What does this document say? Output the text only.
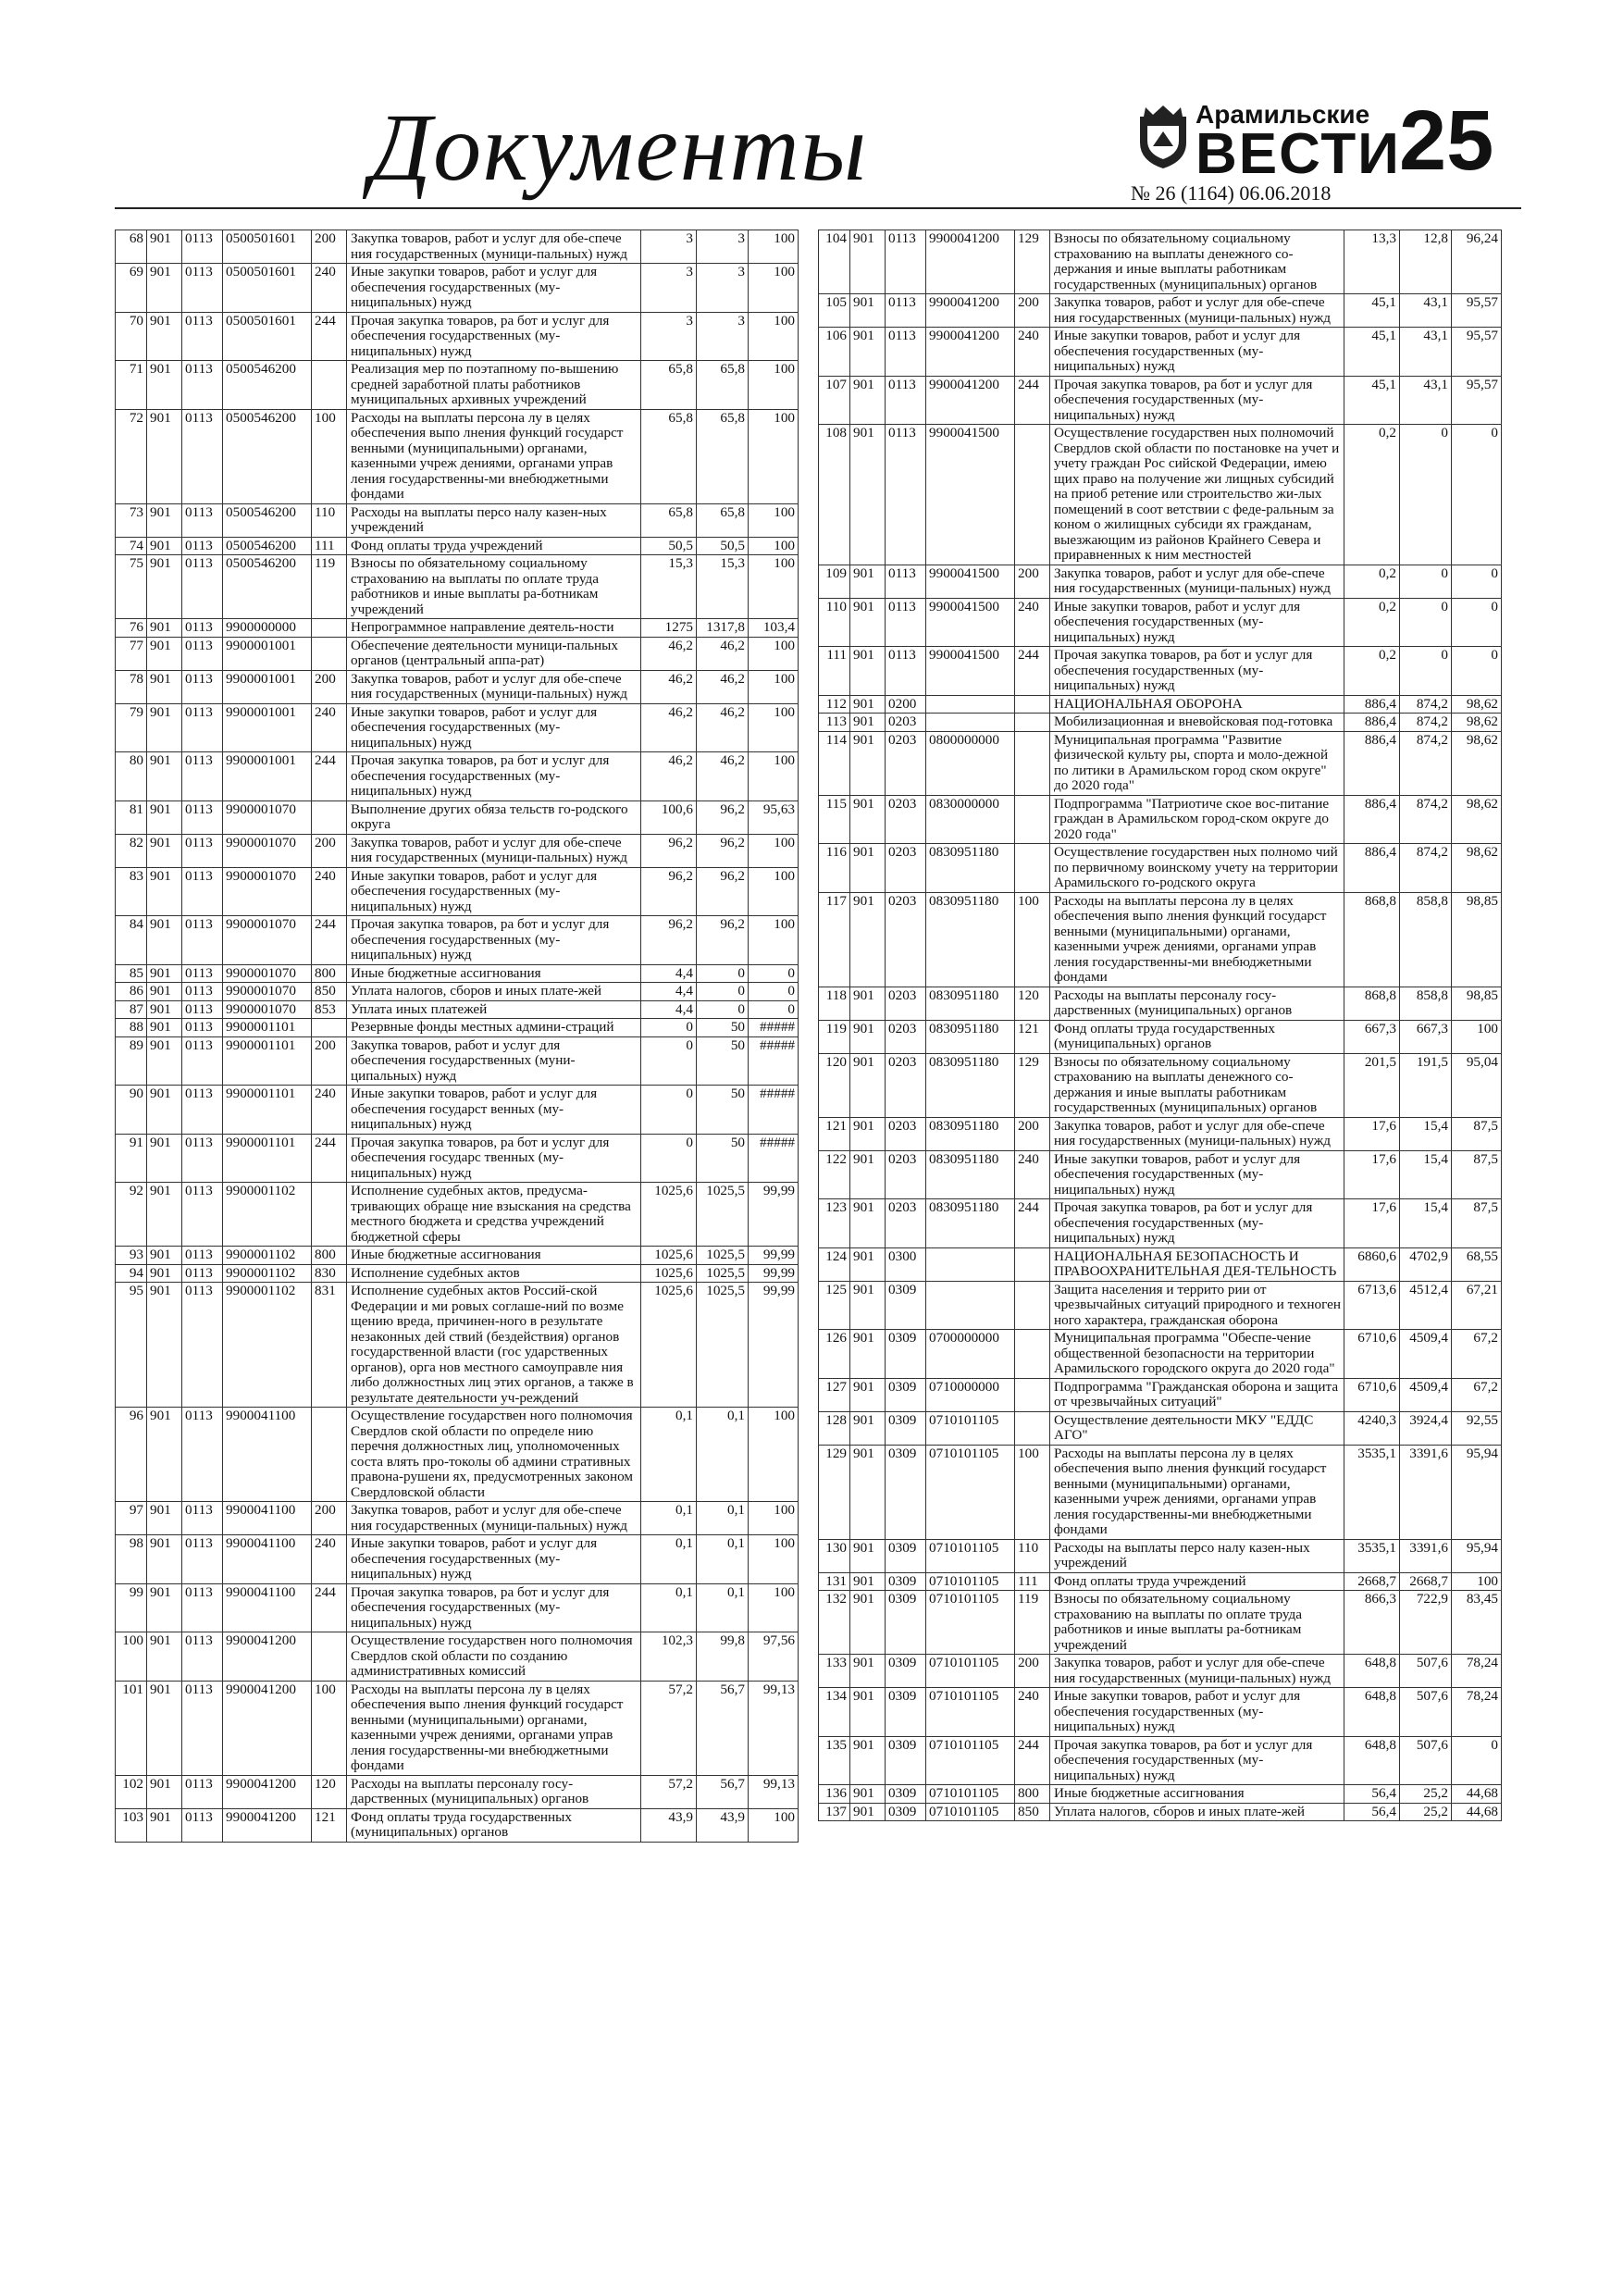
Документы	Арамильские
ВЕСТИ
№ 26 (1164) 06.06.2018
25
68	901	0113	0500501601	200	Закупка товаров, работ и услуг для обе-спече ния государственных (муници-пальных) нужд	3	3	100
69	901	0113	0500501601	240	Иные закупки товаров, работ и услуг для обеспечения государственных (му-ниципальных) нужд	3	3	100
70	901	0113	0500501601	244	Прочая закупка товаров, ра бот и услуг для обеспечения государственных (му-ниципальных) нужд	3	3	100
71	901	0113	0500546200		Реализация мер по поэтапному по-вышению средней заработной платы работников муниципальных архивных учреждений	65,8	65,8	100
72	901	0113	0500546200	100	Расходы на выплаты персона лу в целях обеспечения выпо лнения функций государст венными (муниципальными) органами, казенными учреж дениями, органами управ ления государственны-ми внебюджетными фондами	65,8	65,8	100
73	901	0113	0500546200	110	Расходы на выплаты персо налу казен-ных учреждений	65,8	65,8	100
74	901	0113	0500546200	111	Фонд оплаты труда учреждений	50,5	50,5	100
75	901	0113	0500546200	119	Взносы по обязательному социальному страхованию на выплаты по оплате труда работников и иные выплаты ра-ботникам учреждений	15,3	15,3	100
76	901	0113	9900000000		Непрограммное направление деятель-ности	1275	1317,8	103,4
77	901	0113	9900001001		Обеспечение деятельности муници-пальных органов (центральный аппа-рат)	46,2	46,2	100
78	901	0113	9900001001	200	Закупка товаров, работ и услуг для обе-спече ния государственных (муници-пальных) нужд	46,2	46,2	100
79	901	0113	9900001001	240	Иные закупки товаров, работ и услуг для обеспечения государственных (му-ниципальных) нужд	46,2	46,2	100
80	901	0113	9900001001	244	Прочая закупка товаров, ра бот и услуг для обеспечения государственных (му-ниципальных) нужд	46,2	46,2	100
81	901	0113	9900001070		Выполнение других обяза тельств го-родского округа	100,6	96,2	95,63
82	901	0113	9900001070	200	Закупка товаров, работ и услуг для обе-спече ния государственных (муници-пальных) нужд	96,2	96,2	100
83	901	0113	9900001070	240	Иные закупки товаров, работ и услуг для обеспечения государственных (му-ниципальных) нужд	96,2	96,2	100
84	901	0113	9900001070	244	Прочая закупка товаров, ра бот и услуг для обеспечения государственных (му-ниципальных) нужд	96,2	96,2	100
85	901	0113	9900001070	800	Иные бюджетные ассигнования	4,4	0	0
86	901	0113	9900001070	850	Уплата налогов, сборов и иных плате-жей	4,4	0	0
87	901	0113	9900001070	853	Уплата иных платежей	4,4	0	0
88	901	0113	9900001101		Резервные фонды местных админи-страций	0	50	#####
89	901	0113	9900001101	200	Закупка товаров, работ и услуг для обеспечения государственных (муни-ципальных) нужд	0	50	#####
90	901	0113	9900001101	240	Иные закупки товаров, работ и услуг для обеспечения государст венных (му-ниципальных) нужд	0	50	#####
91	901	0113	9900001101	244	Прочая закупка товаров, ра бот и услуг для обеспечения государс твенных (му-ниципальных) нужд	0	50	#####
92	901	0113	9900001102		Исполнение судебных актов, предусма-тривающих обраще ние взыскания на средства местного бюджета и средства учреждений бюджетной сферы	1025,6	1025,5	99,99
93	901	0113	9900001102	800	Иные бюджетные ассигнования	1025,6	1025,5	99,99
94	901	0113	9900001102	830	Исполнение судебных актов	1025,6	1025,5	99,99
95	901	0113	9900001102	831	Исполнение судебных актов Россий-ской Федерации и ми ровых соглаше-ний по возме щению вреда, причинен-ного в результате незаконных дей ствий (бездействия) органов государственной власти (гос ударственных органов), орга нов местного самоуправле ния либо должностных лиц этих органов, а также в результате деятельности уч-реждений	1025,6	1025,5	99,99
96	901	0113	9900041100		Осуществление государствен ного полномочия Свердлов ской области по определе нию перечня должностных лиц, уполномоченных соста влять про-токолы об админи стративных правона-рушени ях, предусмотренных законом Свердловской области	0,1	0,1	100
97	901	0113	9900041100	200	Закупка товаров, работ и услуг для обе-спече ния государственных (муници-пальных) нужд	0,1	0,1	100
98	901	0113	9900041100	240	Иные закупки товаров, работ и услуг для обеспечения государственных (му-ниципальных) нужд	0,1	0,1	100
99	901	0113	9900041100	244	Прочая закупка товаров, ра бот и услуг для обеспечения государственных (му-ниципальных) нужд	0,1	0,1	100
100	901	0113	9900041200		Осуществление государствен ного полномочия Свердлов ской области по созданию административных комиссий	102,3	99,8	97,56
101	901	0113	9900041200	100	Расходы на выплаты персона лу в целях обеспечения выпо лнения функций государст венными (муниципальными) органами, казенными учреж дениями, органами управ ления государственны-ми внебюджетными фондами	57,2	56,7	99,13
102	901	0113	9900041200	120	Расходы на выплаты персоналу госу-дарственных (муниципальных) органов	57,2	56,7	99,13
103	901	0113	9900041200	121	Фонд оплаты труда государственных (муниципальных) органов	43,9	43,9	100
104	901	0113	9900041200	129	Взносы по обязательному социальному страхованию на выплаты денежного со-держания и иные выплаты работникам государственных (муниципальных) органов	13,3	12,8	96,24
105	901	0113	9900041200	200	Закупка товаров, работ и услуг для обе-спече ния государственных (муници-пальных) нужд	45,1	43,1	95,57
106	901	0113	9900041200	240	Иные закупки товаров, работ и услуг для обеспечения государственных (му-ниципальных) нужд	45,1	43,1	95,57
107	901	0113	9900041200	244	Прочая закупка товаров, ра бот и услуг для обеспечения государственных (му-ниципальных) нужд	45,1	43,1	95,57
108	901	0113	9900041500		Осуществление государствен ных полномочий Свердлов ской области по постановке на учет и учету граждан Рос сийской Федерации, имею щих право на получение жи лищных субсидий на приоб ретение или строительство жи-лых помещений в соот ветствии с феде-ральным за коном о жилищных субсиди ях гражданам, выезжающим из районов Крайнего Севера и приравненных к ним местностей	0,2	0	0
109	901	0113	9900041500	200	Закупка товаров, работ и услуг для обе-спече ния государственных (муници-пальных) нужд	0,2	0	0
110	901	0113	9900041500	240	Иные закупки товаров, работ и услуг для обеспечения государственных (му-ниципальных) нужд	0,2	0	0
111	901	0113	9900041500	244	Прочая закупка товаров, ра бот и услуг для обеспечения государственных (му-ниципальных) нужд	0,2	0	0
112	901	0200			НАЦИОНАЛЬНАЯ ОБОРОНА	886,4	874,2	98,62
113	901	0203			Мобилизационная и вневойсковая под-готовка	886,4	874,2	98,62
114	901	0203	0800000000		Муниципальная программа "Развитие физической культу ры, спорта и моло-дежной по литики в Арамильском город ском округе" до 2020 года"	886,4	874,2	98,62
115	901	0203	0830000000		Подпрограмма "Патриотиче ское вос-питание граждан в Арамильском город-ском округе до 2020 года"	886,4	874,2	98,62
116	901	0203	0830951180		Осуществление государствен ных полномо чий по первичному воинскому учету на территории Арамильского го-родского округа	886,4	874,2	98,62
117	901	0203	0830951180	100	Расходы на выплаты персона лу в целях обеспечения выпо лнения функций государст венными (муниципальными) органами, казенными учреж дениями, органами управ ления государственны-ми внебюджетными фондами	868,8	858,8	98,85
118	901	0203	0830951180	120	Расходы на выплаты персоналу госу-дарственных (муниципальных) органов	868,8	858,8	98,85
119	901	0203	0830951180	121	Фонд оплаты труда государственных (муниципальных) органов	667,3	667,3	100
120	901	0203	0830951180	129	Взносы по обязательному социальному страхованию на выплаты денежного со-держания и иные выплаты работникам государственных (муниципальных) органов	201,5	191,5	95,04
121	901	0203	0830951180	200	Закупка товаров, работ и услуг для обе-спече ния государственных (муници-пальных) нужд	17,6	15,4	87,5
122	901	0203	0830951180	240	Иные закупки товаров, работ и услуг для обеспечения государственных (му-ниципальных) нужд	17,6	15,4	87,5
123	901	0203	0830951180	244	Прочая закупка товаров, ра бот и услуг для обеспечения государственных (му-ниципальных) нужд	17,6	15,4	87,5
124	901	0300			НАЦИОНАЛЬНАЯ БЕЗОПАСНОСТЬ И ПРАВООХРАНИТЕЛЬНАЯ ДЕЯ-ТЕЛЬНОСТЬ	6860,6	4702,9	68,55
125	901	0309			Защита населения и террито рии от чрезвычайных ситуаций природного и техноген ного характера, гражданская оборона	6713,6	4512,4	67,21
126	901	0309	0700000000		Муниципальная программа "Обеспе-чение общественной безопасности на территории Арамильского городского округа до 2020 года"	6710,6	4509,4	67,2
127	901	0309	0710000000		Подпрограмма "Гражданская оборона и защита от чрезвычайных ситуаций"	6710,6	4509,4	67,2
128	901	0309	0710101105		Осуществление деятельности МКУ "ЕДДС АГО"	4240,3	3924,4	92,55
129	901	0309	0710101105	100	Расходы на выплаты персона лу в целях обеспечения выпо лнения функций государст венными (муниципальными) органами, казенными учреж дениями, органами управ ления государственны-ми внебюджетными фондами	3535,1	3391,6	95,94
130	901	0309	0710101105	110	Расходы на выплаты персо налу казен-ных учреждений	3535,1	3391,6	95,94
131	901	0309	0710101105	111	Фонд оплаты труда учреждений	2668,7	2668,7	100
132	901	0309	0710101105	119	Взносы по обязательному социальному страхованию на выплаты по оплате труда работников и иные выплаты ра-ботникам учреждений	866,3	722,9	83,45
133	901	0309	0710101105	200	Закупка товаров, работ и услуг для обе-спече ния государственных (муници-пальных) нужд	648,8	507,6	78,24
134	901	0309	0710101105	240	Иные закупки товаров, работ и услуг для обеспечения государственных (му-ниципальных) нужд	648,8	507,6	78,24
135	901	0309	0710101105	244	Прочая закупка товаров, ра бот и услуг для обеспечения государственных (му-ниципальных) нужд	648,8	507,6	0
136	901	0309	0710101105	800	Иные бюджетные ассигнования	56,4	25,2	44,68
137	901	0309	0710101105	850	Уплата налогов, сборов и иных плате-жей	56,4	25,2	44,68
